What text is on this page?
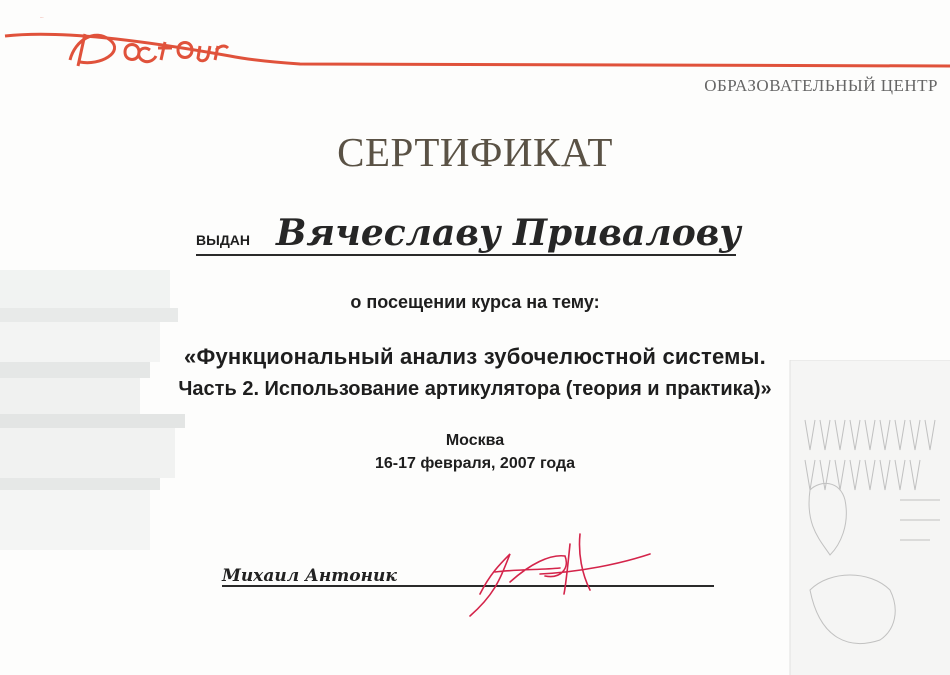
Doctour
ОБРАЗОВАТЕЛЬНЫЙ ЦЕНТР
СЕРТИФИКАТ
ВЫДАН Вячеславу Привалову
о посещении курса на тему:
«Функциональный анализ зубочелюстной системы.
Часть 2. Использование артикулятора (теория и практика)»
Москва
16-17 февраля, 2007 года
Михаил Антоник
